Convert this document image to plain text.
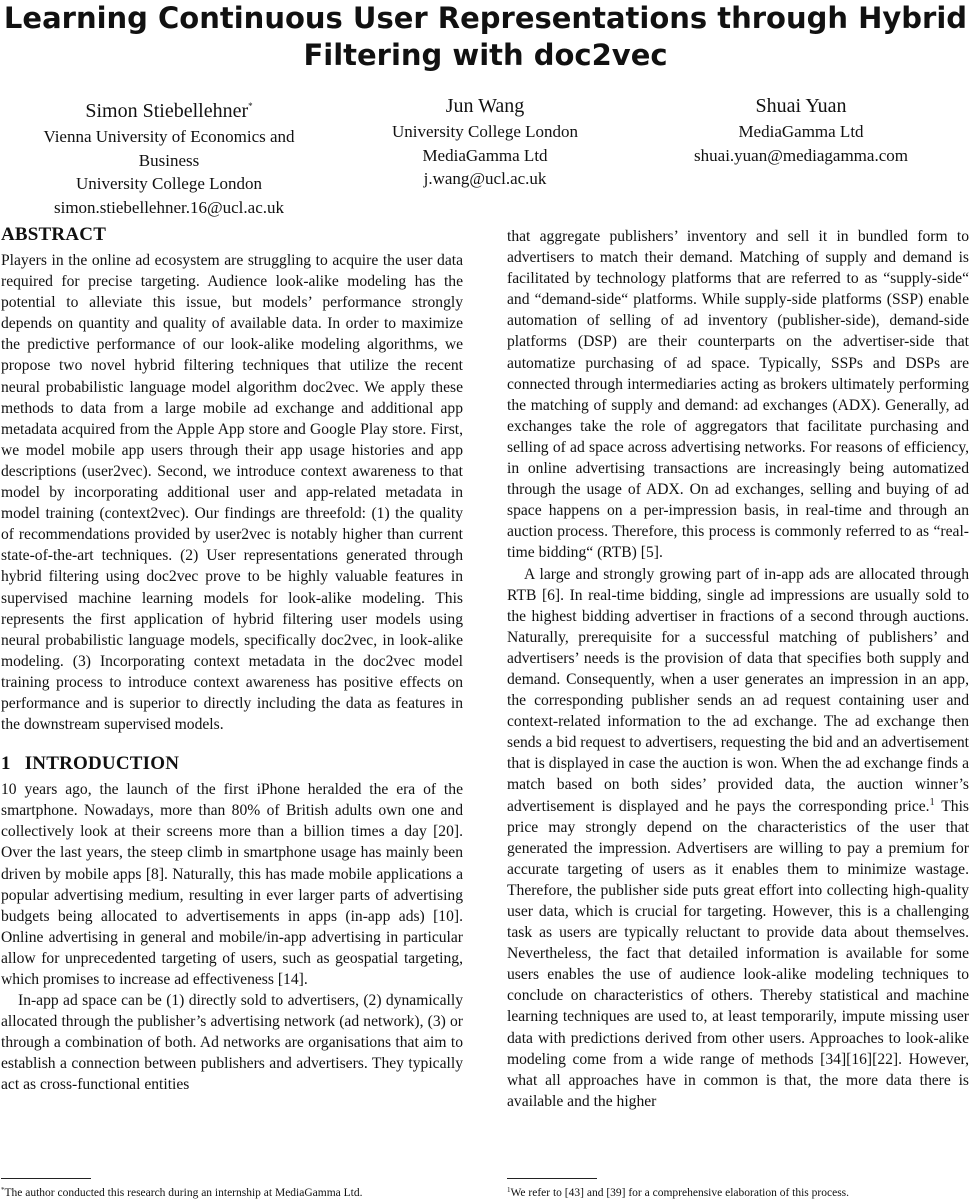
Learning Continuous User Representations through Hybrid
Filtering with doc2vec
Simon Stiebellehner*
Vienna University of Economics and
Business
University College London
simon.stiebellehner.16@ucl.ac.uk
Jun Wang
University College London
MediaGamma Ltd
j.wang@ucl.ac.uk
Shuai Yuan
MediaGamma Ltd
shuai.yuan@mediagamma.com
ABSTRACT

Players in the online ad ecosystem are struggling to acquire the user data required for precise targeting. Audience look-alike modeling has the potential to alleviate this issue, but models’ performance strongly depends on quantity and quality of available data. In order to maximize the predictive performance of our look-alike modeling algorithms, we propose two novel hybrid filtering techniques that utilize the recent neural probabilistic language model algorithm doc2vec. We apply these methods to data from a large mobile ad exchange and additional app metadata acquired from the Apple App store and Google Play store. First, we model mobile app users through their app usage histories and app descriptions (user2vec). Second, we introduce context awareness to that model by incorporating additional user and app-related metadata in model training (context2vec). Our findings are threefold: (1) the quality of recommendations provided by user2vec is notably higher than current state-of-the-art techniques. (2) User representations generated through hybrid filtering using doc2vec prove to be highly valuable features in supervised machine learning models for look-alike modeling. This represents the first application of hybrid filtering user models using neural probabilistic language models, specifically doc2vec, in look-alike modeling. (3) Incorporating context metadata in the doc2vec model training process to introduce context awareness has positive effects on performance and is superior to directly including the data as features in the downstream supervised models.

1 INTRODUCTION

10 years ago, the launch of the first iPhone heralded the era of the smartphone. Nowadays, more than 80% of British adults own one and collectively look at their screens more than a billion times a day [20]. Over the last years, the steep climb in smartphone usage has mainly been driven by mobile apps [8]. Naturally, this has made mobile applications a popular advertising medium, resulting in ever larger parts of advertising budgets being allocated to advertisements in apps (in-app ads) [10]. Online advertising in general and mobile/in-app advertising in particular allow for unprecedented targeting of users, such as geospatial targeting, which promises to increase ad effectiveness [14].

In-app ad space can be (1) directly sold to advertisers, (2) dynamically allocated through the publisher’s advertising network (ad network), (3) or through a combination of both. Ad networks are organisations that aim to establish a connection between publishers and advertisers. They typically act as cross-functional entities

that aggregate publishers’ inventory and sell it in bundled form to advertisers to match their demand. Matching of supply and demand is facilitated by technology platforms that are referred to as “supply-side“ and “demand-side“ platforms. While supply-side platforms (SSP) enable automation of selling of ad inventory (publisher-side), demand-side platforms (DSP) are their counterparts on the advertiser-side that automatize purchasing of ad space. Typically, SSPs and DSPs are connected through intermediaries acting as brokers ultimately performing the matching of supply and demand: ad exchanges (ADX). Generally, ad exchanges take the role of aggregators that facilitate purchasing and selling of ad space across advertising networks. For reasons of efficiency, in online advertising transactions are increasingly being automatized through the usage of ADX. On ad exchanges, selling and buying of ad space happens on a per-impression basis, in real-time and through an auction process. Therefore, this process is commonly referred to as “real-time bidding“ (RTB) [5].

A large and strongly growing part of in-app ads are allocated through RTB [6]. In real-time bidding, single ad impressions are usually sold to the highest bidding advertiser in fractions of a second through auctions. Naturally, prerequisite for a successful matching of publishers’ and advertisers’ needs is the provision of data that specifies both supply and demand. Consequently, when a user generates an impression in an app, the corresponding publisher sends an ad request containing user and context-related information to the ad exchange. The ad exchange then sends a bid request to advertisers, requesting the bid and an advertisement that is displayed in case the auction is won. When the ad exchange finds a match based on both sides’ provided data, the auction winner’s advertisement is displayed and he pays the corresponding price.$^1$ This price may strongly depend on the characteristics of the user that generated the impression. Advertisers are willing to pay a premium for accurate targeting of users as it enables them to minimize wastage. Therefore, the publisher side puts great effort into collecting high-quality user data, which is crucial for targeting. However, this is a challenging task as users are typically reluctant to provide data about themselves. Nevertheless, the fact that detailed information is available for some users enables the use of audience look-alike modeling techniques to conclude on characteristics of others. Thereby statistical and machine learning techniques are used to, at least temporarily, impute missing user data with predictions derived from other users. Approaches to look-alike modeling come from a wide range of methods [34][16][22]. However, what all approaches have in common is that, the more data there is available and the higher

*The author conducted this research during an internship at MediaGamma Ltd.	$^1$We refer to [43] and [39] for a comprehensive elaboration of this process.
